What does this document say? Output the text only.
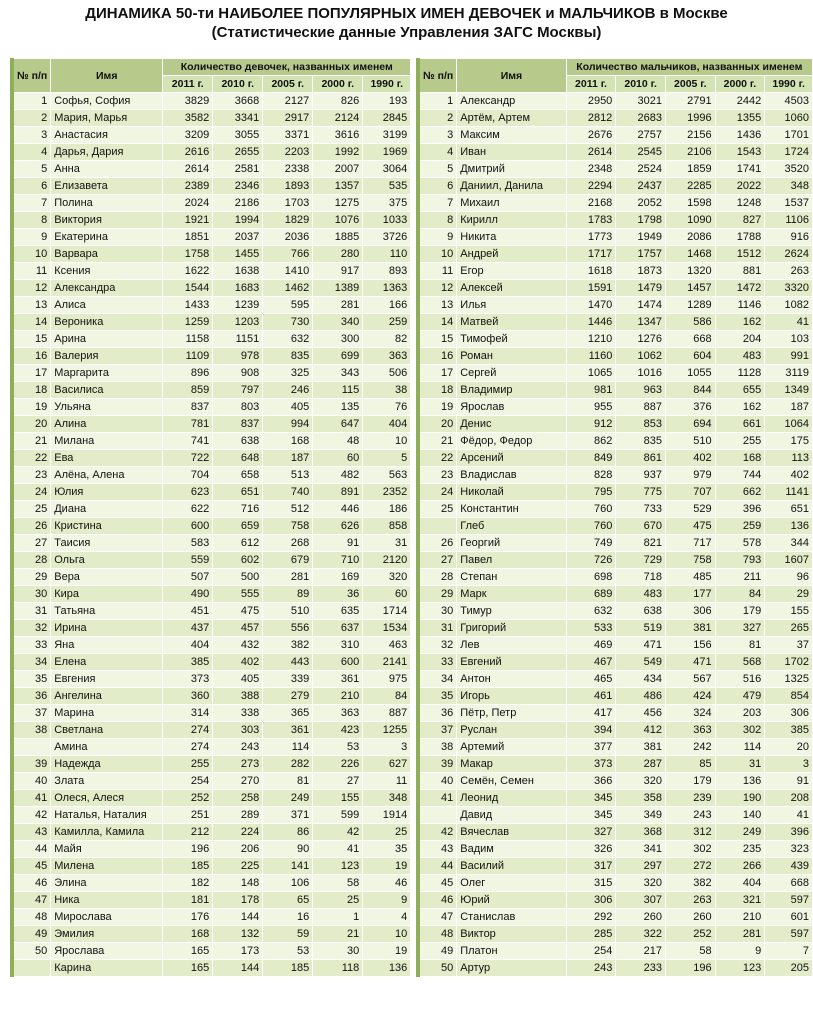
ДИНАМИКА 50-ти НАИБОЛЕЕ ПОПУЛЯРНЫХ ИМЕН ДЕВОЧЕК и МАЛЬЧИКОВ в Москве
(Статистические данные Управления ЗАГС Москвы)
№ п/п	Имя	Количество девочек, названных именем				
		2011 г.	2010 г.	2005 г.	2000 г.	1990 г.
1	Софья, София	3829	3668	2127	826	193
2	Мария, Марья	3582	3341	2917	2124	2845
3	Анастасия	3209	3055	3371	3616	3199
4	Дарья, Дария	2616	2655	2203	1992	1969
5	Анна	2614	2581	2338	2007	3064
6	Елизавета	2389	2346	1893	1357	535
7	Полина	2024	2186	1703	1275	375
8	Виктория	1921	1994	1829	1076	1033
9	Екатерина	1851	2037	2036	1885	3726
10	Варвара	1758	1455	766	280	110
11	Ксения	1622	1638	1410	917	893
12	Александра	1544	1683	1462	1389	1363
13	Алиса	1433	1239	595	281	166
14	Вероника	1259	1203	730	340	259
15	Арина	1158	1151	632	300	82
16	Валерия	1109	978	835	699	363
17	Маргарита	896	908	325	343	506
18	Василиса	859	797	246	115	38
19	Ульяна	837	803	405	135	76
20	Алина	781	837	994	647	404
21	Милана	741	638	168	48	10
22	Ева	722	648	187	60	5
23	Алёна, Алена	704	658	513	482	563
24	Юлия	623	651	740	891	2352
25	Диана	622	716	512	446	186
26	Кристина	600	659	758	626	858
27	Таисия	583	612	268	91	31
28	Ольга	559	602	679	710	2120
29	Вера	507	500	281	169	320
30	Кира	490	555	89	36	60
31	Татьяна	451	475	510	635	1714
32	Ирина	437	457	556	637	1534
33	Яна	404	432	382	310	463
34	Елена	385	402	443	600	2141
35	Евгения	373	405	339	361	975
36	Ангелина	360	388	279	210	84
37	Марина	314	338	365	363	887
38	Светлана	274	303	361	423	1255
	Амина	274	243	114	53	3
39	Надежда	255	273	282	226	627
40	Злата	254	270	81	27	11
41	Олеся, Алеся	252	258	249	155	348
42	Наталья, Наталия	251	289	371	599	1914
43	Камилла, Камила	212	224	86	42	25
44	Майя	196	206	90	41	35
45	Милена	185	225	141	123	19
46	Элина	182	148	106	58	46
47	Ника	181	178	65	25	9
48	Мирослава	176	144	16	1	4
49	Эмилия	168	132	59	21	10
50	Ярослава	165	173	53	30	19
	Карина	165	144	185	118	136
№ п/п	Имя	Количество мальчиков, названных именем				
		2011 г.	2010 г.	2005 г.	2000 г.	1990 г.
1	Александр	2950	3021	2791	2442	4503
2	Артём, Артем	2812	2683	1996	1355	1060
3	Максим	2676	2757	2156	1436	1701
4	Иван	2614	2545	2106	1543	1724
5	Дмитрий	2348	2524	1859	1741	3520
6	Даниил, Данила	2294	2437	2285	2022	348
7	Михаил	2168	2052	1598	1248	1537
8	Кирилл	1783	1798	1090	827	1106
9	Никита	1773	1949	2086	1788	916
10	Андрей	1717	1757	1468	1512	2624
11	Егор	1618	1873	1320	881	263
12	Алексей	1591	1479	1457	1472	3320
13	Илья	1470	1474	1289	1146	1082
14	Матвей	1446	1347	586	162	41
15	Тимофей	1210	1276	668	204	103
16	Роман	1160	1062	604	483	991
17	Сергей	1065	1016	1055	1128	3119
18	Владимир	981	963	844	655	1349
19	Ярослав	955	887	376	162	187
20	Денис	912	853	694	661	1064
21	Фёдор, Федор	862	835	510	255	175
22	Арсений	849	861	402	168	113
23	Владислав	828	937	979	744	402
24	Николай	795	775	707	662	1141
25	Константин	760	733	529	396	651
	Глеб	760	670	475	259	136
26	Георгий	749	821	717	578	344
27	Павел	726	729	758	793	1607
28	Степан	698	718	485	211	96
29	Марк	689	483	177	84	29
30	Тимур	632	638	306	179	155
31	Григорий	533	519	381	327	265
32	Лев	469	471	156	81	37
33	Евгений	467	549	471	568	1702
34	Антон	465	434	567	516	1325
35	Игорь	461	486	424	479	854
36	Пётр, Петр	417	456	324	203	306
37	Руслан	394	412	363	302	385
38	Артемий	377	381	242	114	20
39	Макар	373	287	85	31	3
40	Семён, Семен	366	320	179	136	91
41	Леонид	345	358	239	190	208
	Давид	345	349	243	140	41
42	Вячеслав	327	368	312	249	396
43	Вадим	326	341	302	235	323
44	Василий	317	297	272	266	439
45	Олег	315	320	382	404	668
46	Юрий	306	307	263	321	597
47	Станислав	292	260	260	210	601
48	Виктор	285	322	252	281	597
49	Платон	254	217	58	9	7
50	Артур	243	233	196	123	205
